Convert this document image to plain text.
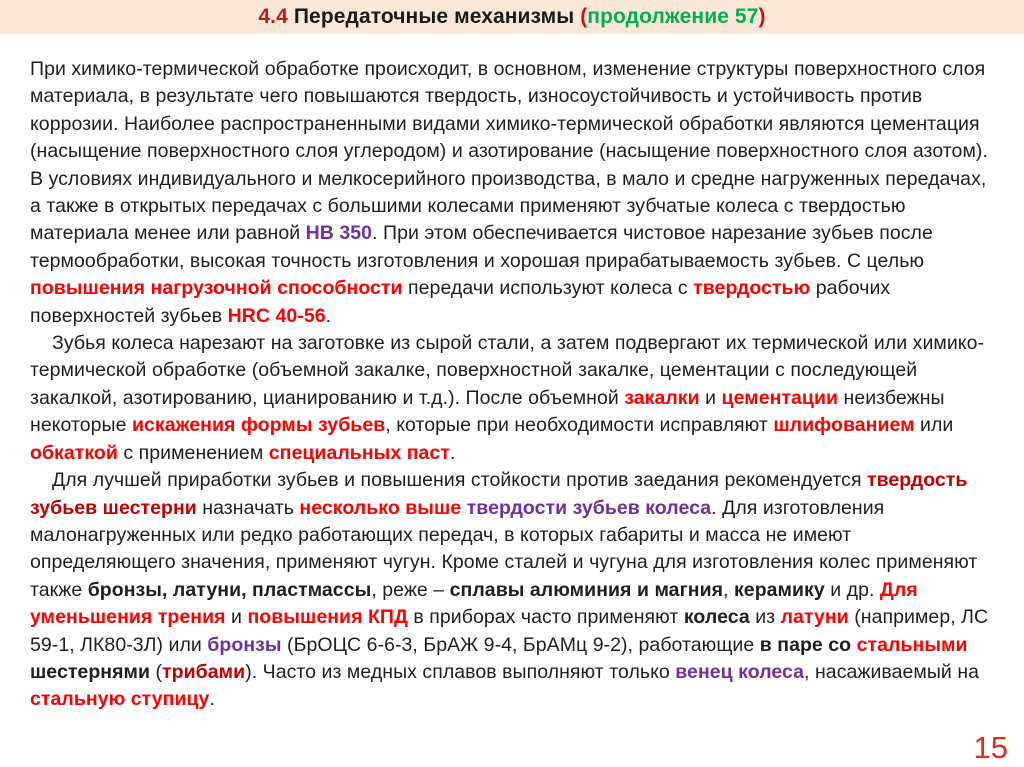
4.4 Передаточные механизмы (продолжение 57)

При химико-термической обработке происходит, в основном, изменение структуры поверхностного слоя материала, в результате чего повышаются твердость, износоустойчивость и устойчивость против коррозии. Наиболее распространенными видами химико-термической обработки являются цементация (насыщение поверхностного слоя углеродом) и азотирование (насыщение поверхностного слоя азотом). В условиях индивидуального и мелкосерийного производства, в мало и средне нагруженных передачах, а также в открытых передачах с большими колесами применяют зубчатые колеса с твердостью материала менее или равной НВ 350. При этом обеспечивается чистовое нарезание зубьев после термообработки, высокая точность изготовления и хорошая прирабатываемость зубьев. С целью повышения нагрузочной способности передачи используют колеса с твердостью рабочих поверхностей зубьев HRC 40-56.

Зубья колеса нарезают на заготовке из сырой стали, а затем подвергают их термической или химико-термической обработке (объемной закалке, поверхностной закалке, цементации с последующей закалкой, азотированию, цианированию и т.д.). После объемной закалки и цементации неизбежны некоторые искажения формы зубьев, которые при необходимости исправляют шлифованием или обкаткой с применением специальных паст.

Для лучшей приработки зубьев и повышения стойкости против заедания рекомендуется твердость зубьев шестерни назначать несколько выше твердости зубьев колеса. Для изготовления малонагруженных или редко работающих передач, в которых габариты и масса не имеют определяющего значения, применяют чугун. Кроме сталей и чугуна для изготовления колес применяют также бронзы, латуни, пластмассы, реже – сплавы алюминия и магния, керамику и др. Для уменьшения трения и повышения КПД в приборах часто применяют колеса из латуни (например, ЛС 59-1, ЛК80-3Л) или бронзы (БрОЦС 6-6-3, БрАЖ 9-4, БрАМц 9-2), работающие в паре со стальными шестернями (трибами). Часто из медных сплавов выполняют только венец колеса, насаживаемый на стальную ступицу.

15
